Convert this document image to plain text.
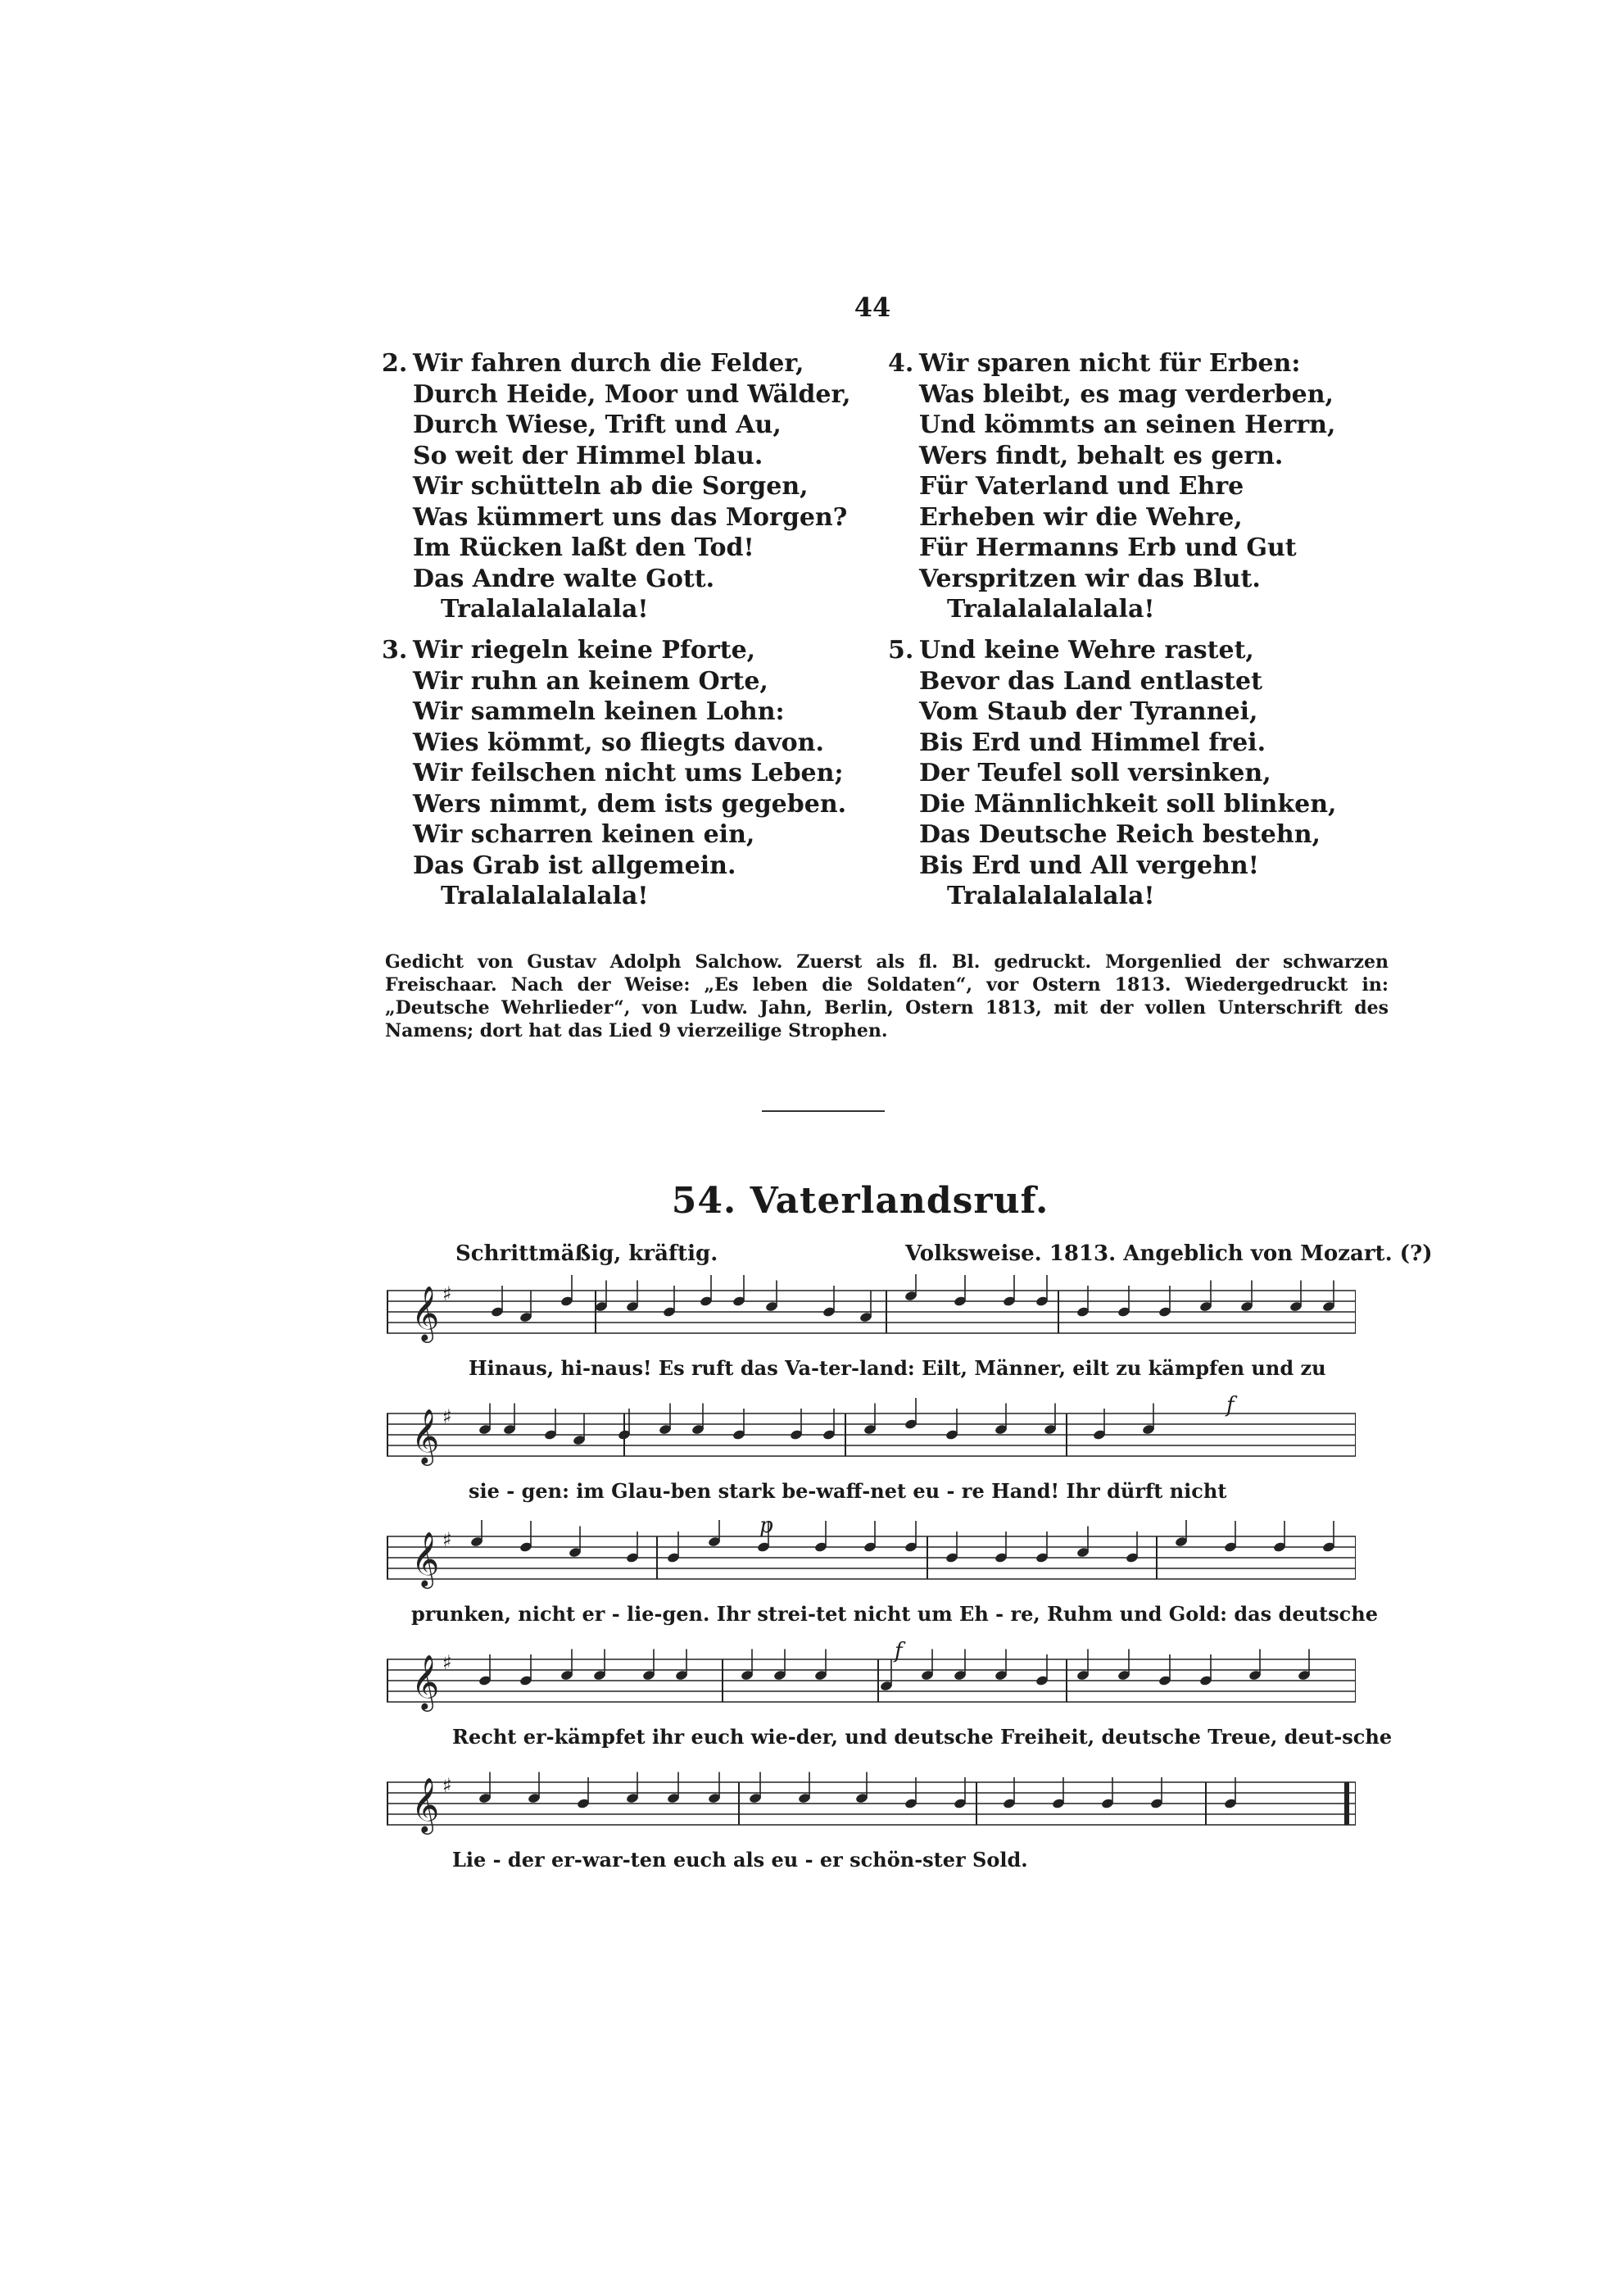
44
2. Wir fahren durch die Felder,
Durch Heide, Moor und Wälder,
Durch Wiese, Trift und Au,
So weit der Himmel blau.
Wir schütteln ab die Sorgen,
Was kümmert uns das Morgen?
Im Rücken laßt den Tod!
Das Andre walte Gott.
Tralalalalalala!
3. Wir riegeln keine Pforte,
Wir ruhn an keinem Orte,
Wir sammeln keinen Lohn:
Wies kömmt, so fliegts davon.
Wir feilschen nicht ums Leben;
Wers nimmt, dem ists gegeben.
Wir scharren keinen ein,
Das Grab ist allgemein.
Tralalalalalala!
4. Wir sparen nicht für Erben:
Was bleibt, es mag verderben,
Und kömmts an seinen Herrn,
Wers findt, behalt es gern.
Für Vaterland und Ehre
Erheben wir die Wehre,
Für Hermanns Erb und Gut
Verspritzen wir das Blut.
Tralalalalalala!
5. Und keine Wehre rastet,
Bevor das Land entlastet
Vom Staub der Tyrannei,
Bis Erd und Himmel frei.
Der Teufel soll versinken,
Die Männlichkeit soll blinken,
Das Deutsche Reich bestehn,
Bis Erd und All vergehn!
Tralalalalalala!
Gedicht von Gustav Adolph Salchow. Zuerst als fl. Bl. gedruckt. Morgenlied der schwarzen Freischaar. Nach der Weise: „Es leben die Soldaten“, vor Ostern 1813. Wiedergedruckt in: „Deutsche Wehrlieder“, von Ludw. Jahn, Berlin, Ostern 1813, mit der vollen Unterschrift des Namens; dort hat das Lied 9 vierzeilige Strophen.
54. Vaterlandsruf.
Schrittmäßig, kräftig.	Volksweise. 1813. Angeblich von Mozart. (?)
𝄞 ♯
Hinaus, hi-naus! Es ruft das Va-ter-land: Eilt, Männer, eilt zu kämpfen und zu
𝄞 ♯
sie - gen: im Glau-ben stark be-waff-net eu - re Hand! Ihr dürft nicht
f
𝄞 ♯
prunken, nicht er - lie-gen. Ihr strei-tet nicht um Eh - re, Ruhm und Gold: das deutsche
p
𝄞 ♯
Recht er-kämpfet ihr euch wie-der, und deutsche Freiheit, deutsche Treue, deut-sche
f
𝄞 ♯
Lie - der er-war-ten euch als eu - er schön-ster Sold.
